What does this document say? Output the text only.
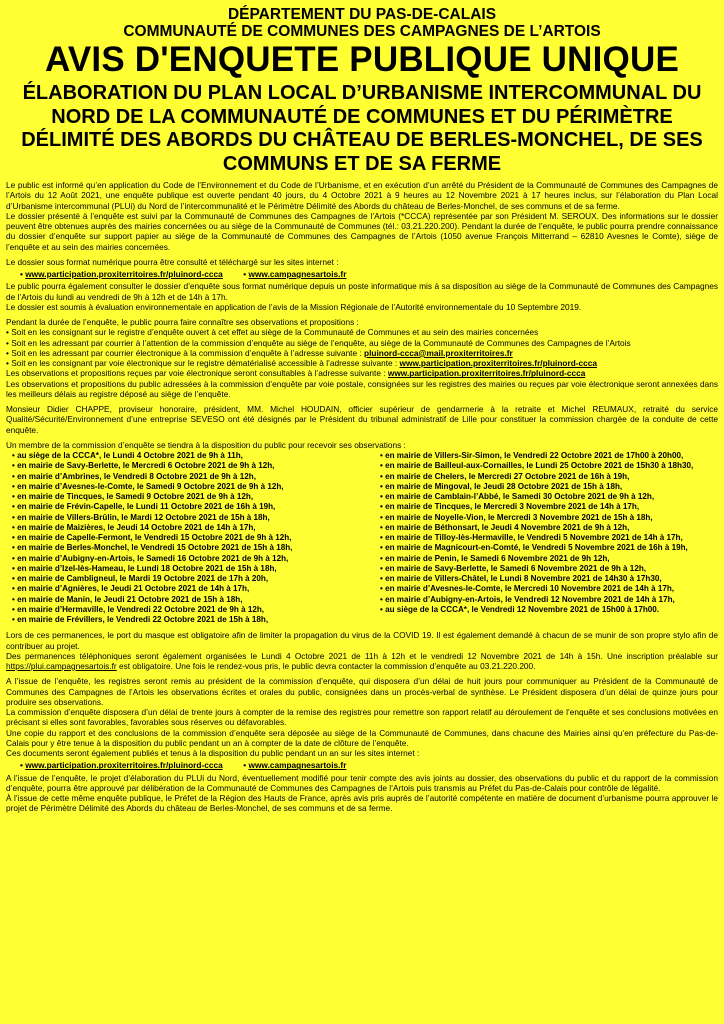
DÉPARTEMENT DU PAS-DE-CALAIS
COMMUNAUTÉ DE COMMUNES DES CAMPAGNES DE L’ARTOIS
AVIS D'ENQUETE PUBLIQUE UNIQUE
ÉLABORATION DU PLAN LOCAL D’URBANISME INTERCOMMUNAL DU NORD DE LA COMMUNAUTÉ DE COMMUNES ET DU PÉRIMÈTRE DÉLIMITÉ DES ABORDS DU CHÂTEAU DE BERLES-MONCHEL, DE SES COMMUNS ET DE SA FERME

Le public est informé qu’en application du Code de l’Environnement et du Code de l’Urbanisme, et en exécution d’un arrêté du Président de la Communauté de Communes des Campagnes de l’Artois du 12 Août 2021, une enquête publique est ouverte pendant 40 jours, du 4 Octobre 2021 à 9 heures au 12 Novembre 2021 à 17 heures inclus, sur l’élaboration du Plan Local d’Urbanisme intercommunal (PLUi) du Nord de l’intercommunalité et le Périmètre Délimité des Abords du château de Berles-Monchel, de ses communs et de sa ferme.

Le dossier présenté à l’enquête est suivi par la Communauté de Communes des Campagnes de l’Artois (*CCCA) représentée par son Président M. SEROUX. Des informations sur le dossier peuvent être obtenues auprès des mairies concernées ou au siège de la Communauté de Communes (tél.: 03.21.220.200). Pendant la durée de l’enquête, le public pourra prendre connaissance du dossier d’enquête sur support papier au siège de la Communauté de Communes des Campagnes de l’Artois (1050 avenue François Mitterrand – 62810 Avesnes le Comte), siège de l’enquête et au sein des mairies concernées.

Le dossier sous format numérique pourra être consulté et téléchargé sur les sites internet :

• www.participation.proxiterritoires.fr/pluinord-ccca  • www.campagnesartois.fr

Le public pourra également consulter le dossier d’enquête sous format numérique depuis un poste informatique mis à sa disposition au siège de la Communauté de Communes des Campagnes de l’Artois du lundi au vendredi de 9h à 12h et de 14h à 17h.

Le dossier est soumis à évaluation environnementale en application de l’avis de la Mission Régionale de l’Autorité environnementale du 10 Septembre 2019.

Pendant la durée de l’enquête, le public pourra faire connaître ses observations et propositions :

• Soit en les consignant sur le registre d’enquête ouvert à cet effet au siège de la Communauté de Communes et au sein des mairies concernées

• Soit en les adressant par courrier à l’attention de la commission d’enquête au siège de l’enquête, au siège de la Communauté de Communes des Campagnes de l’Artois

• Soit en les adressant par courrier électronique à la commission d’enquête à l’adresse suivante : pluinord-ccca@mail.proxiterritoires.fr

• Soit en les consignant par voie électronique sur le registre dématérialisé accessible à l’adresse suivante : www.participation.proxiterritoires.fr/pluinord-ccca

Les observations et propositions reçues par voie électronique seront consultables à l’adresse suivante : www.participation.proxiterritoires.fr/pluinord-ccca

Les observations et propositions du public adressées à la commission d’enquête par voie postale, consignées sur les registres des mairies ou reçues par voie électronique seront annexées dans les meilleurs délais au registre déposé au siège de l’enquête.

Monsieur Didier CHAPPE, proviseur honoraire, président, MM. Michel HOUDAIN, officier supérieur de gendarmerie à la retraite et Michel REUMAUX, retraité du service Qualité/Sécurité/Environnement d’une entreprise SEVESO ont été désignés par le Président du tribunal administratif de Lille pour constituer la commission chargée de la conduite de cette enquête.

Un membre de la commission d’enquête se tiendra à la disposition du public pour recevoir ses observations :

• au siège de la CCCA*, le Lundi 4 Octobre 2021 de 9h à 11h,
• en mairie de Savy-Berlette, le Mercredi 6 Octobre 2021 de 9h à 12h,
• en mairie d’Ambrines, le Vendredi 8 Octobre 2021 de 9h à 12h,
• en mairie d’Avesnes-le-Comte, le Samedi 9 Octobre 2021 de 9h à 12h,
• en mairie de Tincques, le Samedi 9 Octobre 2021 de 9h à 12h,
• en mairie de Frévin-Capelle, le Lundi 11 Octobre 2021 de 16h à 19h,
• en mairie de Villers-Brûlin, le Mardi 12 Octobre 2021 de 15h à 18h,
• en mairie de Maizières, le Jeudi 14 Octobre 2021 de 14h à 17h,
• en mairie de Capelle-Fermont, le Vendredi 15 Octobre 2021 de 9h à 12h,
• en mairie de Berles-Monchel, le Vendredi 15 Octobre 2021 de 15h à 18h,
• en mairie d’Aubigny-en-Artois, le Samedi 16 Octobre 2021 de 9h à 12h,
• en mairie d’Izel-lès-Hameau, le Lundi 18 Octobre 2021 de 15h à 18h,
• en mairie de Cambligneul, le Mardi 19 Octobre 2021 de 17h à 20h,
• en mairie d’Agnières, le Jeudi 21 Octobre 2021 de 14h à 17h,
• en mairie de Manin, le Jeudi 21 Octobre 2021 de 15h à 18h,
• en mairie d’Hermaville, le Vendredi 22 Octobre 2021 de 9h à 12h,
• en mairie de Frévillers, le Vendredi 22 Octobre 2021 de 15h à 18h,
• en mairie de Villers-Sir-Simon, le Vendredi 22 Octobre 2021 de 17h00 à 20h00,
• en mairie de Bailleul-aux-Cornailles, le Lundi 25 Octobre 2021 de 15h30 à 18h30,
• en mairie de Chelers, le Mercredi 27 Octobre 2021 de 16h à 19h,
• en mairie de Mingoval, le Jeudi 28 Octobre 2021 de 15h à 18h,
• en mairie de Camblain-l’Abbé, le Samedi 30 Octobre 2021 de 9h à 12h,
• en mairie de Tincques, le Mercredi 3 Novembre 2021 de 14h à 17h,
• en mairie de Noyelle-Vion, le Mercredi 3 Novembre 2021 de 15h à 18h,
• en mairie de Béthonsart, le Jeudi 4 Novembre 2021 de 9h à 12h,
• en mairie de Tilloy-lès-Hermaville, le Vendredi 5 Novembre 2021 de 14h à 17h,
• en mairie de Magnicourt-en-Comté, le Vendredi 5 Novembre 2021 de 16h à 19h,
• en mairie de Penin, le Samedi 6 Novembre 2021 de 9h 12h,
• en mairie de Savy-Berlette, le Samedi 6 Novembre 2021 de 9h à 12h,
• en mairie de Villers-Châtel, le Lundi 8 Novembre 2021 de 14h30 à 17h30,
• en mairie d’Avesnes-le-Comte, le Mercredi 10 Novembre 2021 de 14h à 17h,
• en mairie d’Aubigny-en-Artois, le Vendredi 12 Novembre 2021 de 14h à 17h,
• au siège de la CCCA*, le Vendredi 12 Novembre 2021 de 15h00 à 17h00.

Lors de ces permanences, le port du masque est obligatoire afin de limiter la propagation du virus de la COVID 19. Il est également demandé à chacun de se munir de son propre stylo afin de contribuer au projet.

Des permanences téléphoniques seront également organisées le Lundi 4 Octobre 2021 de 11h à 12h et le vendredi 12 Novembre 2021 de 14h à 15h. Une inscription préalable sur https://plui.campagnesartois.fr est obligatoire. Une fois le rendez-vous pris, le public devra contacter la commission d’enquête au 03.21.220.200.

A l’issue de l’enquête, les registres seront remis au président de la commission d’enquête, qui disposera d’un délai de huit jours pour communiquer au Président de la Communauté de Communes des Campagnes de l’Artois les observations écrites et orales du public, consignées dans un procès-verbal de synthèse. Le Président disposera d’un délai de quinze jours pour produire ses observations.

La commission d’enquête disposera d’un délai de trente jours à compter de la remise des registres pour remettre son rapport relatif au déroulement de l’enquête et ses conclusions motivées en précisant si elles sont favorables, favorables sous réserves ou défavorables.

Une copie du rapport et des conclusions de la commission d’enquête sera déposée au siège de la Communauté de Communes, dans chacune des Mairies ainsi qu’en préfecture du Pas-de-Calais pour y être tenue à la disposition du public pendant un an à compter de la date de clôture de l’enquête.

Ces documents seront également publiés et tenus à la disposition du public pendant un an sur les sites internet :

• www.participation.proxiterritoires.fr/pluinord-ccca  • www.campagnesartois.fr

A l’issue de l’enquête, le projet d’élaboration du PLUi du Nord, éventuellement modifié pour tenir compte des avis joints au dossier, des observations du public et du rapport de la commission d’enquête, pourra être approuvé par délibération de la Communauté de Communes des Campagnes de l’Artois puis transmis au Préfet du Pas-de-Calais pour contrôle de légalité.

À l’issue de cette même enquête publique, le Préfet de la Région des Hauts de France, après avis pris auprès de l’autorité compétente en matière de document d’urbanisme pourra approuver le projet de Périmètre Délimité des Abords du château de Berles-Monchel, de ses communs et de sa ferme.
